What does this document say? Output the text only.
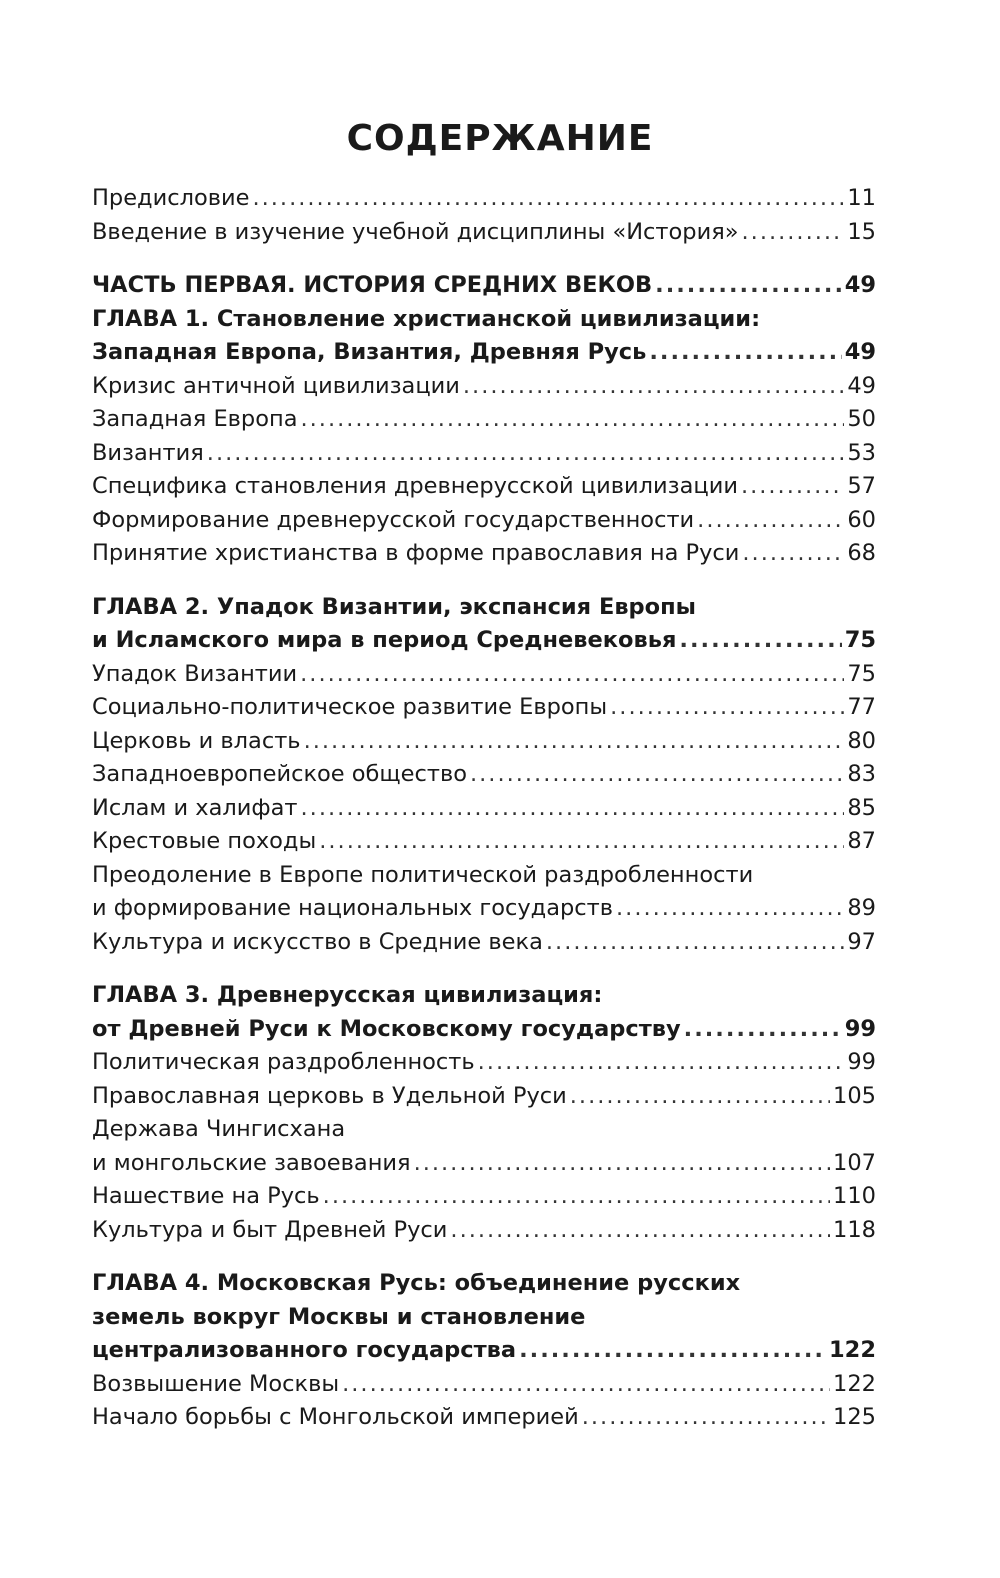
СОДЕРЖАНИЕ
Предисловие .....	11
Введение в изучение учебной дисциплины «История» .....	15
ЧАСТЬ ПЕРВАЯ. ИСТОРИЯ СРЕДНИХ ВЕКОВ .....	49
ГЛАВА 1. Становление христианской цивилизации:
Западная Европа, Византия, Древняя Русь .....	49
Кризис античной цивилизации .....	49
Западная Европа .....	50
Византия .....	53
Специфика становления древнерусской цивилизации .....	57
Формирование древнерусской государственности .....	60
Принятие христианства в форме православия на Руси .....	68
ГЛАВА 2. Упадок Византии, экспансия Европы
и Исламского мира в период Средневековья .....	75
Упадок Византии .....	75
Социально-политическое развитие Европы .....	77
Церковь и власть .....	80
Западноевропейское общество .....	83
Ислам и халифат .....	85
Крестовые походы .....	87
Преодоление в Европе политической раздробленности
и формирование национальных государств .....	89
Культура и искусство в Средние века .....	97
ГЛАВА 3. Древнерусская цивилизация:
от Древней Руси к Московскому государству .....	99
Политическая раздробленность .....	99
Православная церковь в Удельной Руси .....	105
Держава Чингисхана
и монгольские завоевания .....	107
Нашествие на Русь .....	110
Культура и быт Древней Руси .....	118
ГЛАВА 4. Московская Русь: объединение русских
земель вокруг Москвы и становление
централизованного государства .....	122
Возвышение Москвы .....	122
Начало борьбы с Монгольской империей .....	125
